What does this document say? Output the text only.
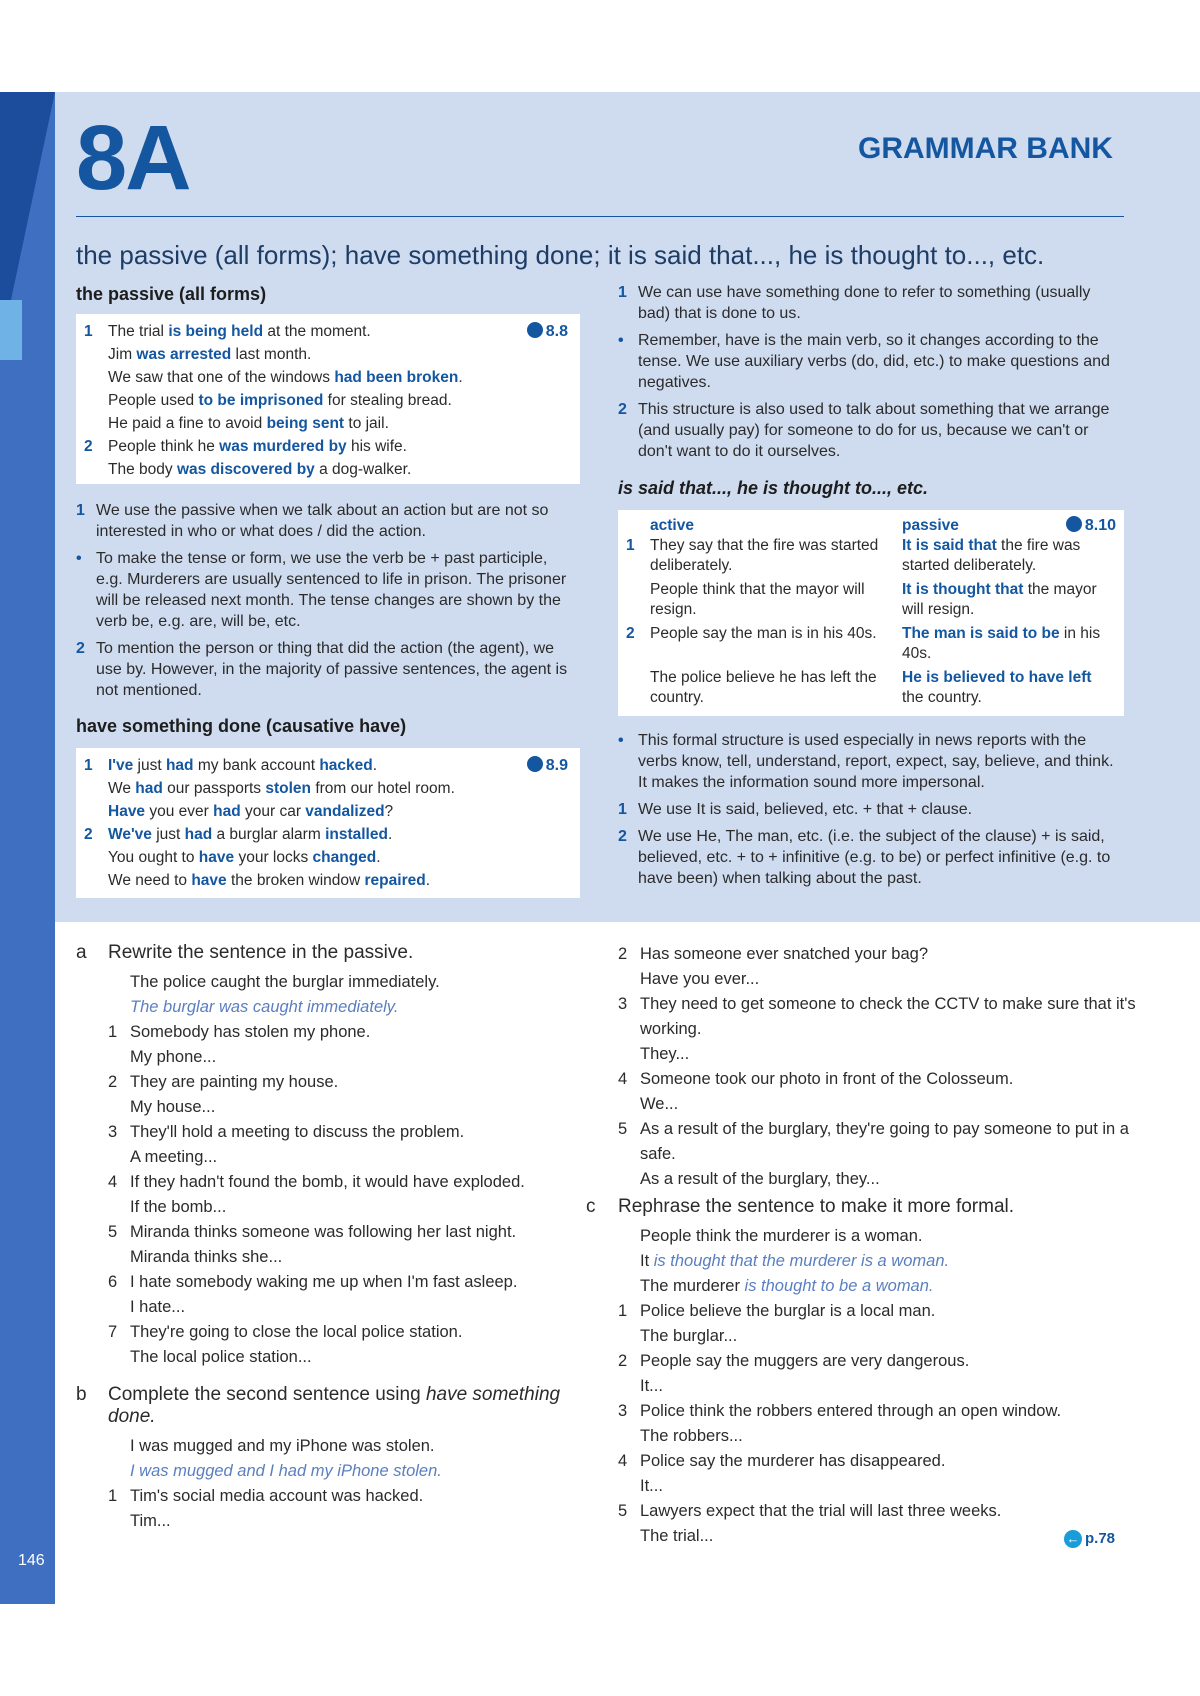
146
8A	GRAMMAR BANK
the passive (all forms); have something done; it is said that..., he is thought to..., etc.
the passive (all forms)
8.8
1 The trial is being held at the moment.
Jim was arrested last month.
We saw that one of the windows had been broken.
People used to be imprisoned for stealing bread.
He paid a fine to avoid being sent to jail.
2 People think he was murdered by his wife.
The body was discovered by a dog-walker.
1 We use the passive when we talk about an action but are not so interested in who or what does / did the action.
• To make the tense or form, we use the verb be + past participle, e.g. Murderers are usually sentenced to life in prison. The prisoner will be released next month. The tense changes are shown by the verb be, e.g. are, will be, etc.
2 To mention the person or thing that did the action (the agent), we use by. However, in the majority of passive sentences, the agent is not mentioned.
have something done (causative have)
8.9
1 I've just had my bank account hacked.
We had our passports stolen from our hotel room.
Have you ever had your car vandalized?
2 We've just had a burglar alarm installed.
You ought to have your locks changed.
We need to have the broken window repaired.
1 We can use have something done to refer to something (usually bad) that is done to us.
• Remember, have is the main verb, so it changes according to the tense. We use auxiliary verbs (do, did, etc.) to make questions and negatives.
2 This structure is also used to talk about something that we arrange (and usually pay) for someone to do for us, because we can't or don't want to do it ourselves.
is said that..., he is thought to..., etc.
	active	passive 8.10

1	They say that the fire was started deliberately.	It is said that the fire was started deliberately.
	People think that the mayor will resign.	It is thought that the mayor will resign.
2	People say the man is in his 40s.	The man is said to be in his 40s.
	The police believe he has left the country.	He is believed to have left the country.
• This formal structure is used especially in news reports with the verbs know, tell, understand, report, expect, say, believe, and think. It makes the information sound more impersonal.
1 We use It is said, believed, etc. + that + clause.
2 We use He, The man, etc. (i.e. the subject of the clause) + is said, believed, etc. + to + infinitive (e.g. to be) or perfect infinitive (e.g. to have been) when talking about the past.
a Rewrite the sentence in the passive.
The police caught the burglar immediately.
The burglar was caught immediately.
1 Somebody has stolen my phone.
My phone...
2 They are painting my house.
My house...
3 They'll hold a meeting to discuss the problem.
A meeting...
4 If they hadn't found the bomb, it would have exploded.
If the bomb...
5 Miranda thinks someone was following her last night.
Miranda thinks she...
6 I hate somebody waking me up when I'm fast asleep.
I hate...
7 They're going to close the local police station.
The local police station...
b Complete the second sentence using have something done.
I was mugged and my iPhone was stolen.
I was mugged and I had my iPhone stolen.
1 Tim's social media account was hacked.
Tim...
2 Has someone ever snatched your bag?
Have you ever...
3 They need to get someone to check the CCTV to make sure that it's working.
They...
4 Someone took our photo in front of the Colosseum.
We...
5 As a result of the burglary, they're going to pay someone to put in a safe.
As a result of the burglary, they...
c Rephrase the sentence to make it more formal.
People think the murderer is a woman.
It is thought that the murderer is a woman.
The murderer is thought to be a woman.
1 Police believe the burglar is a local man.
The burglar...
2 People say the muggers are very dangerous.
It...
3 Police think the robbers entered through an open window.
The robbers...
4 Police say the murderer has disappeared.
It...
5 Lawyers expect that the trial will last three weeks.
The trial...	← p.78
